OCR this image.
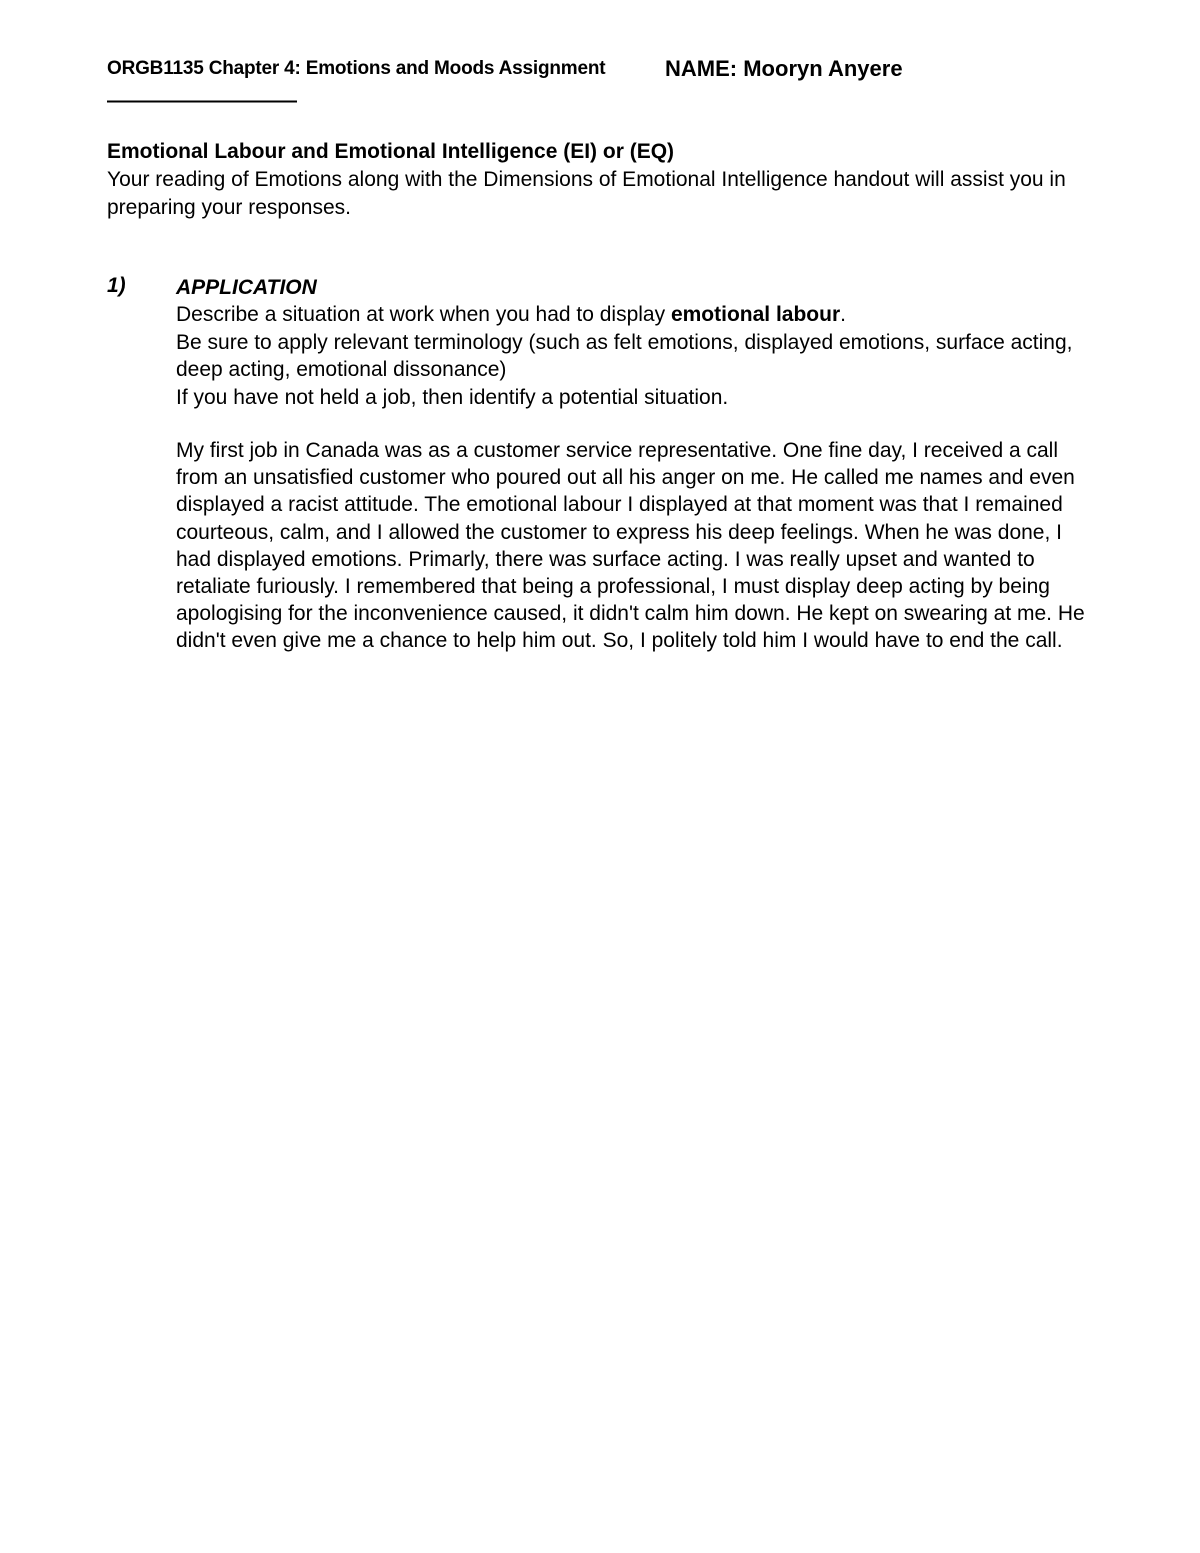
ORGB1135 Chapter 4: Emotions and Moods Assignment	NAME: Mooryn Anyere
———————————
Emotional Labour and Emotional Intelligence (EI) or (EQ)

Your reading of Emotions along with the Dimensions of Emotional Intelligence handout will assist you in preparing your responses.

1) APPLICATION

Describe a situation at work when you had to display emotional labour.

Be sure to apply relevant terminology (such as felt emotions, displayed emotions, surface acting, deep acting, emotional dissonance)

If you have not held a job, then identify a potential situation.

My first job in Canada was as a customer service representative. One fine day, I received a call from an unsatisfied customer who poured out all his anger on me. He called me names and even displayed a racist attitude. The emotional labour I displayed at that moment was that I remained courteous, calm, and I allowed the customer to express his deep feelings. When he was done, I had displayed emotions. Primarly, there was surface acting. I was really upset and wanted to retaliate furiously. I remembered that being a professional, I must display deep acting by being apologising for the inconvenience caused, it didn't calm him down. He kept on swearing at me. He didn't even give me a chance to help him out. So, I politely told him I would have to end the call.
